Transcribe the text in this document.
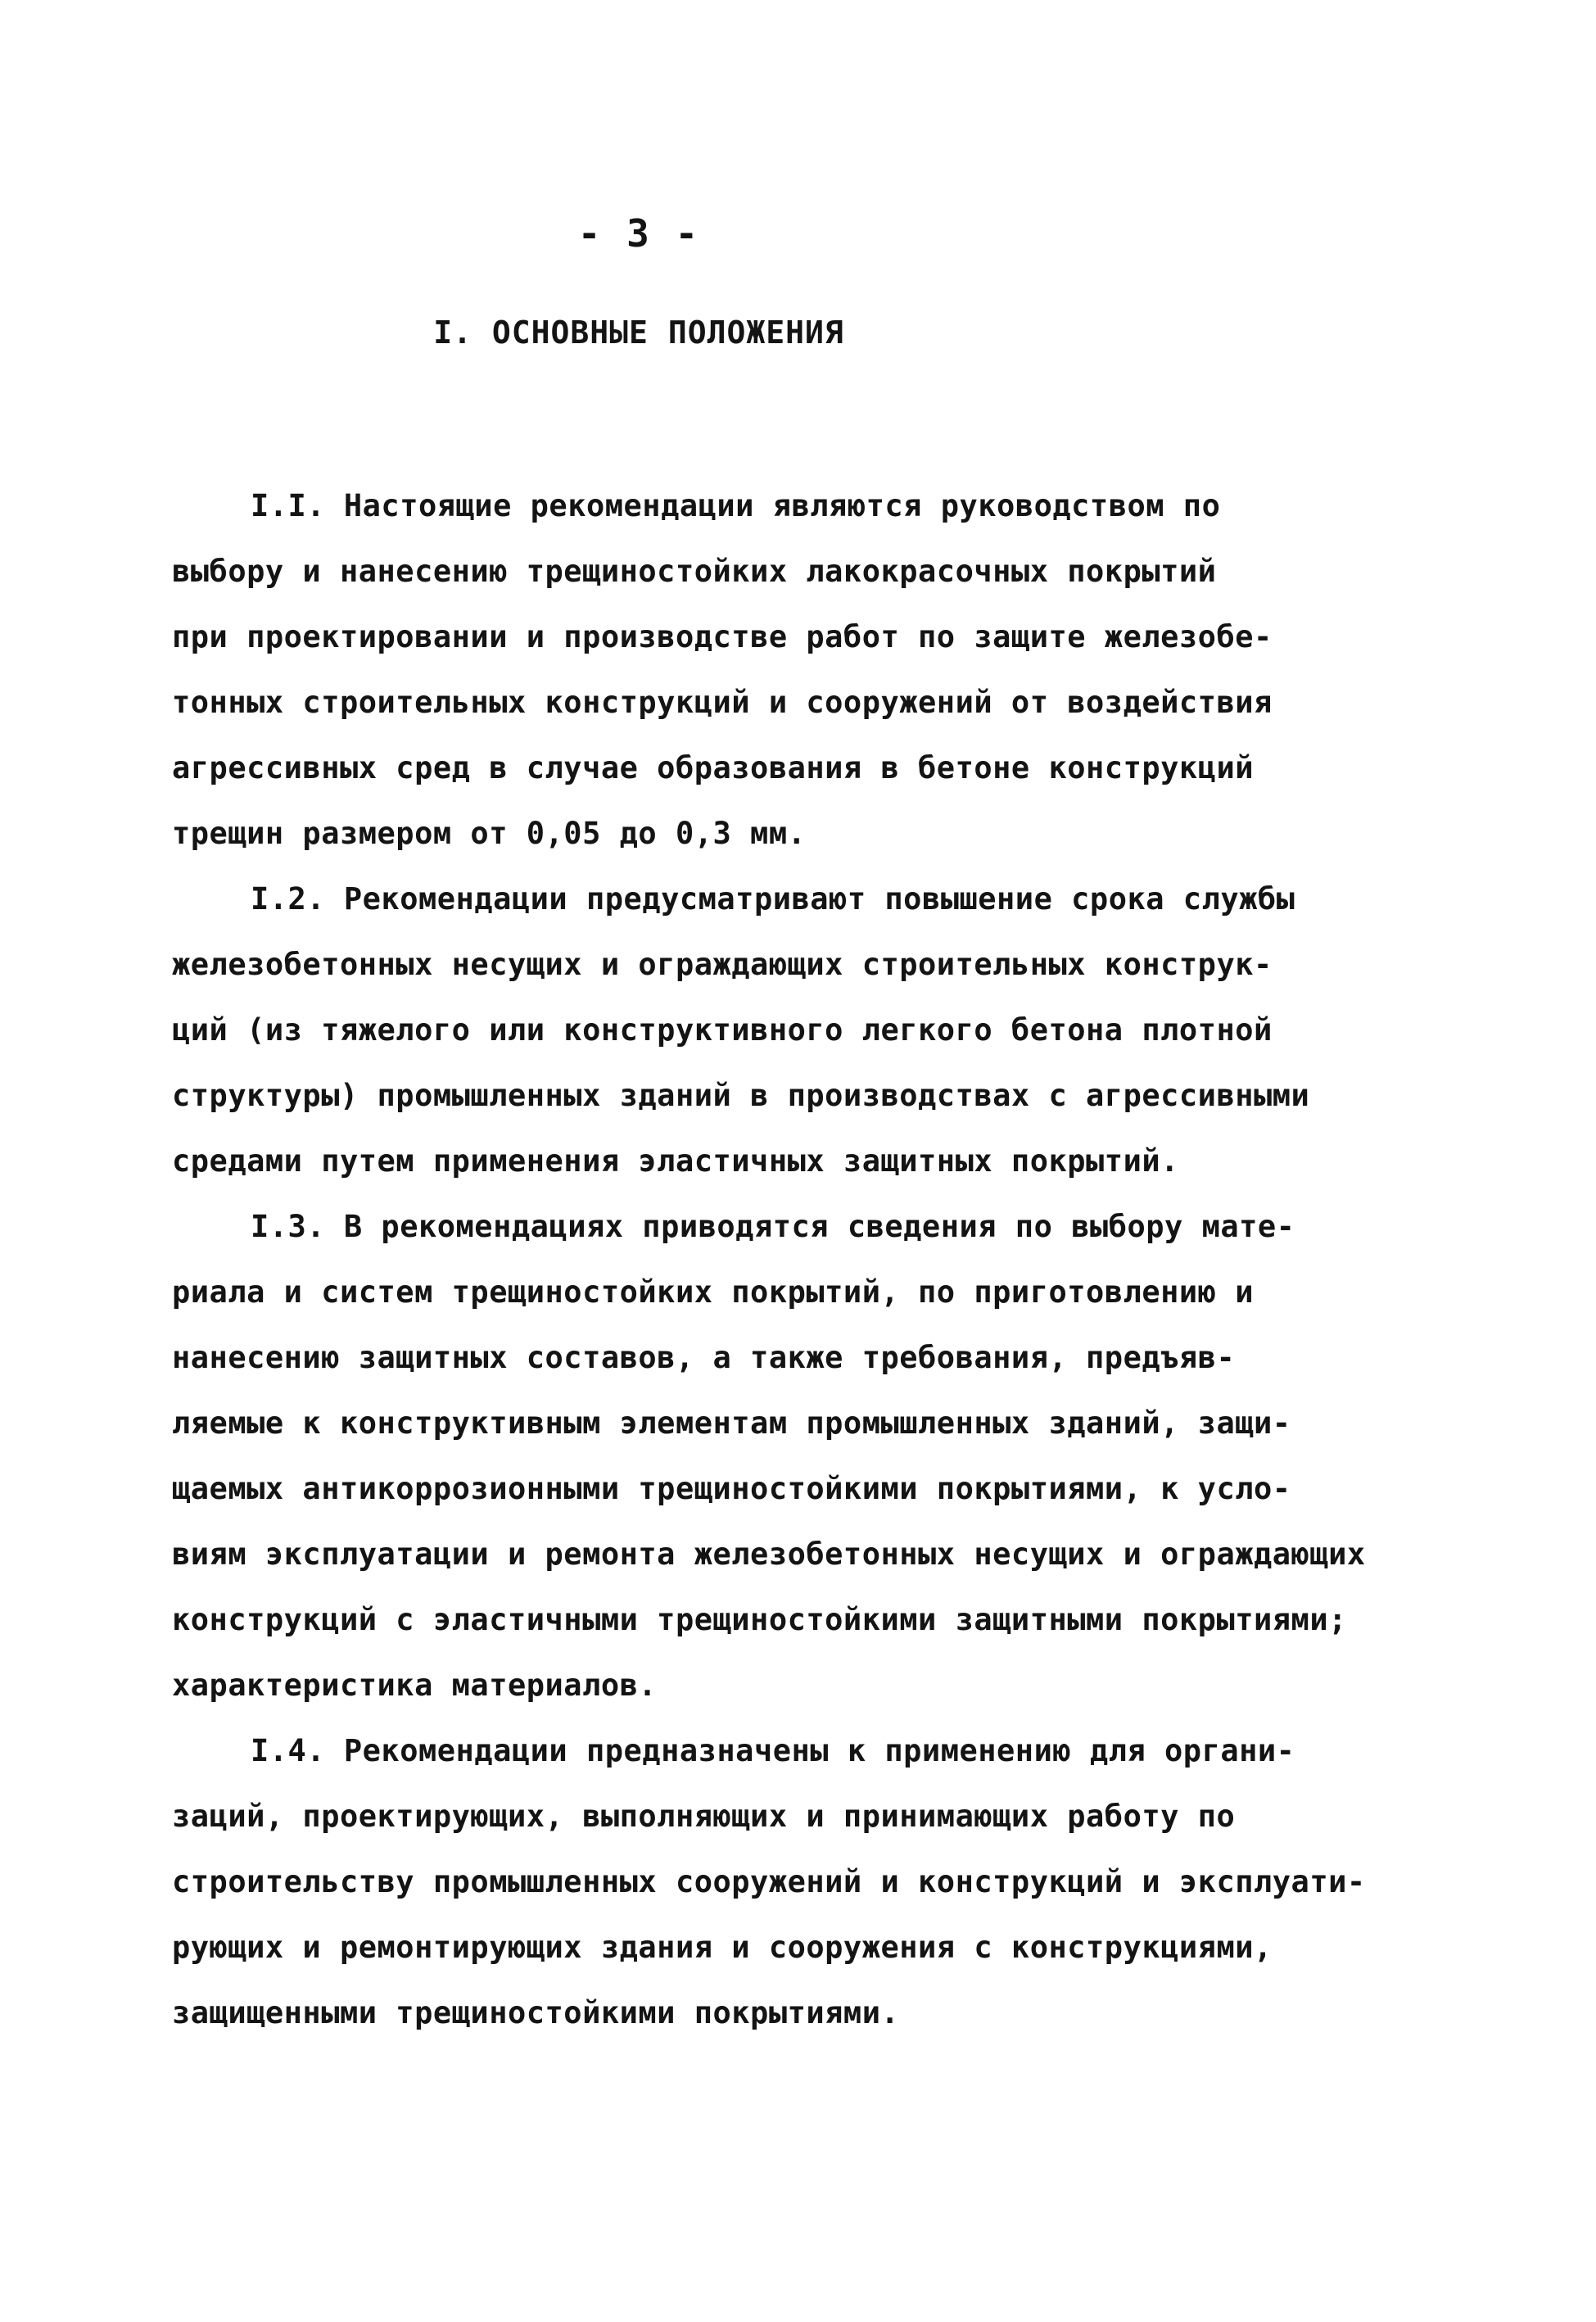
- 3 -
I. ОСНОВНЫЕ ПОЛОЖЕНИЯ
I.I. Настоящие рекомендации являются руководством по
выбору и нанесению трещиностойких лакокрасочных покрытий
при проектировании и производстве работ по защите железобе-
тонных строительных конструкций и сооружений от воздействия
агрессивных сред в случае образования в бетоне конструкций
трещин размером от 0,05 до 0,3 мм.
I.2. Рекомендации предусматривают повышение срока службы
железобетонных несущих и ограждающих строительных конструк-
ций (из тяжелого или конструктивного легкого бетона плотной
структуры) промышленных зданий в производствах с агрессивными
средами путем применения эластичных защитных покрытий.
I.3. В рекомендациях приводятся сведения по выбору мате-
риала и систем трещиностойких покрытий, по приготовлению и
нанесению защитных составов, а также требования, предъяв-
ляемые к конструктивным элементам промышленных зданий, защи-
щаемых антикоррозионными трещиностойкими покрытиями, к усло-
виям эксплуатации и ремонта железобетонных несущих и ограждающих
конструкций с эластичными трещиностойкими защитными покрытиями;
характеристика материалов.
I.4. Рекомендации предназначены к применению для органи-
заций, проектирующих, выполняющих и принимающих работу по
строительству промышленных сооружений и конструкций и эксплуати-
рующих и ремонтирующих здания и сооружения с конструкциями,
защищенными трещиностойкими покрытиями.
